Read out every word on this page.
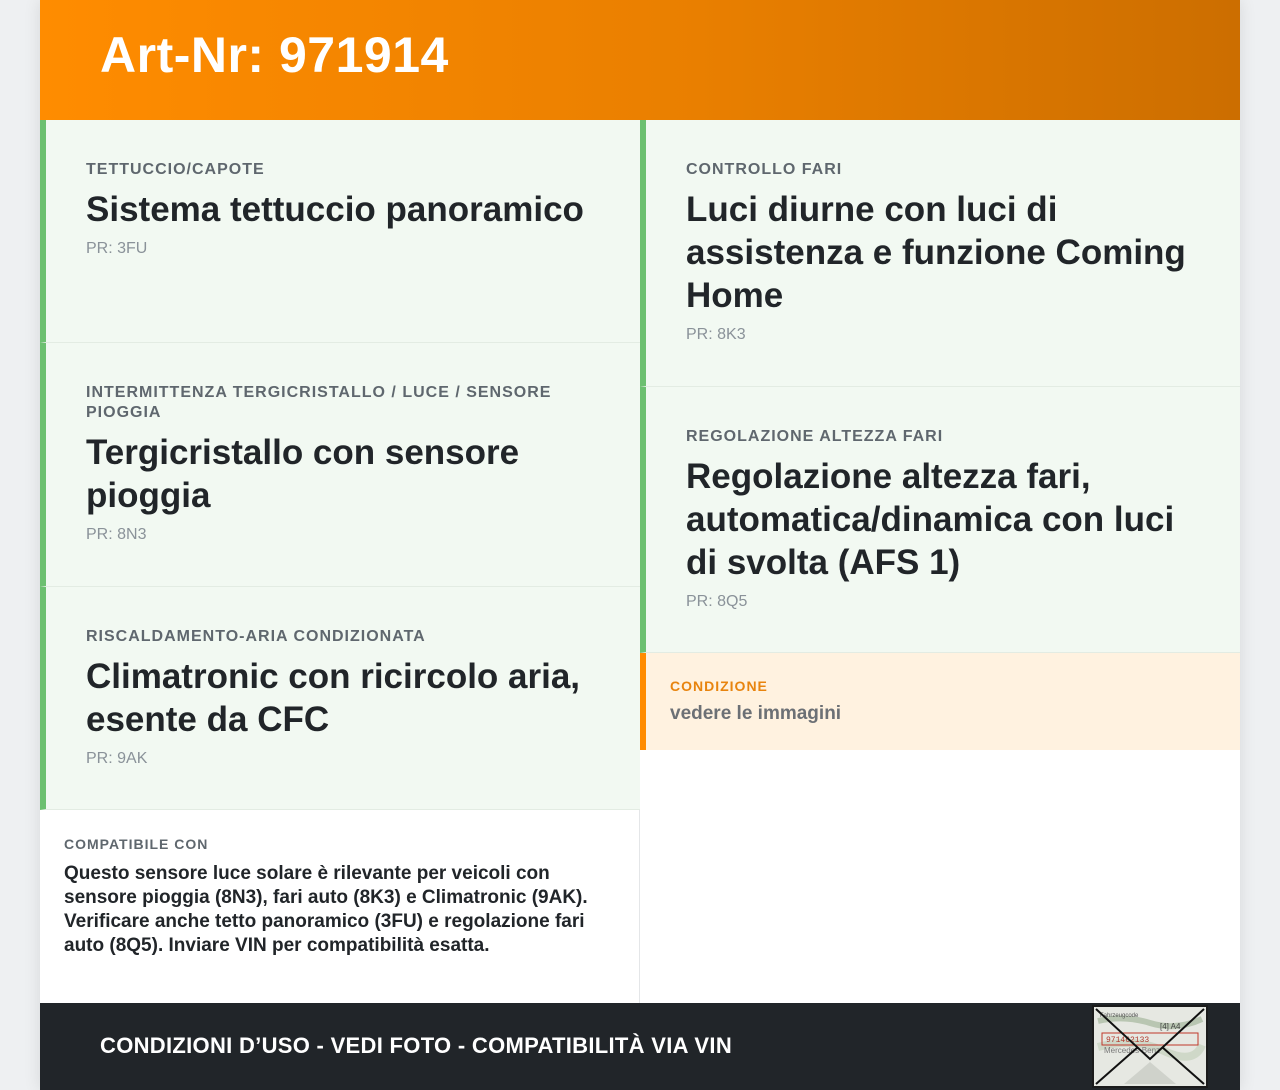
Art-Nr: 971914
TETTUCCIO/CAPOTE
Sistema tettuccio panoramico
PR: 3FU
INTERMITTENZA TERGICRISTALLO / LUCE / SENSORE PIOGGIA
Tergicristallo con sensore pioggia
PR: 8N3
RISCALDAMENTO-ARIA CONDIZIONATA
Climatronic con ricircolo aria, esente da CFC
PR: 9AK
CONTROLLO FARI
Luci diurne con luci di assistenza e funzione Coming Home
PR: 8K3
REGOLAZIONE ALTEZZA FARI
Regolazione altezza fari, automatica/dinamica con luci di svolta (AFS 1)
PR: 8Q5
CONDIZIONE
vedere le immagini
COMPATIBILE CON
Questo sensore luce solare è rilevante per veicoli con sensore pioggia (8N3), fari auto (8K3) e Climatronic (9AK). Verificare anche tetto panoramico (3FU) e regolazione fari auto (8Q5). Inviare VIN per compatibilità esatta.
CONDIZIONI D’USO - VEDI FOTO - COMPATIBILITÀ VIA VIN
Fahrzeugcode
[4] A4
971462133
Mercedes-Benz
